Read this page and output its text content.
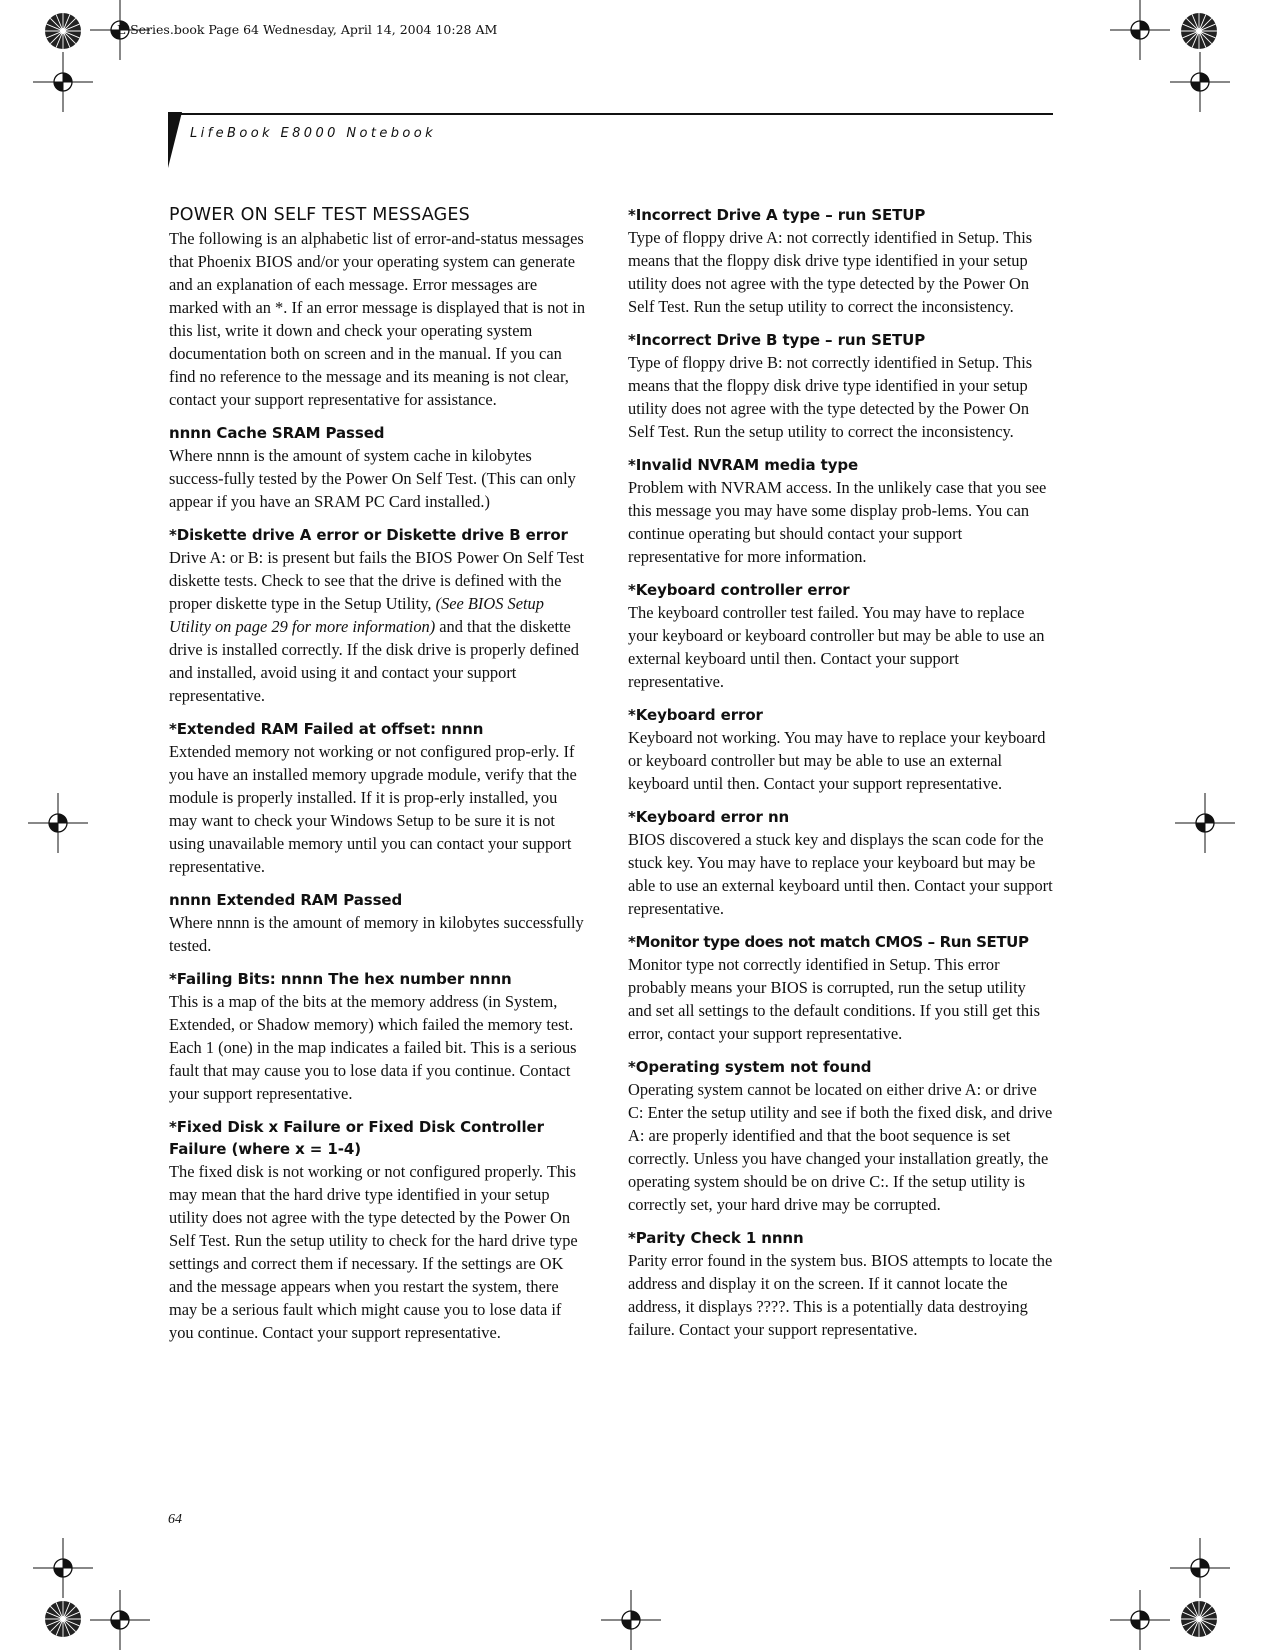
E Series.book Page 64 Wednesday, April 14, 2004 10:28 AM
LifeBook E8000 Notebook
POWER ON SELF TEST MESSAGES

The following is an alphabetic list of error-and-status messages that Phoenix BIOS and/or your operating system can generate and an explanation of each message. Error messages are marked with an *. If an error message is displayed that is not in this list, write it down and check your operating system documentation both on screen and in the manual. If you can find no reference to the message and its meaning is not clear, contact your support representative for assistance.

nnnn Cache SRAM Passed

Where nnnn is the amount of system cache in kilobytes success-fully tested by the Power On Self Test. (This can only appear if you have an SRAM PC Card installed.)

*Diskette drive A error or Diskette drive B error

Drive A: or B: is present but fails the BIOS Power On Self Test diskette tests. Check to see that the drive is defined with the proper diskette type in the Setup Utility, (See BIOS Setup Utility on page 29 for more information) and that the diskette drive is installed correctly. If the disk drive is properly defined and installed, avoid using it and contact your support representative.

*Extended RAM Failed at offset: nnnn

Extended memory not working or not configured prop-erly. If you have an installed memory upgrade module, verify that the module is properly installed. If it is prop-erly installed, you may want to check your Windows Setup to be sure it is not using unavailable memory until you can contact your support representative.

nnnn Extended RAM Passed

Where nnnn is the amount of memory in kilobytes successfully tested.

*Failing Bits: nnnn The hex number nnnn

This is a map of the bits at the memory address (in System, Extended, or Shadow memory) which failed the memory test. Each 1 (one) in the map indicates a failed bit. This is a serious fault that may cause you to lose data if you continue. Contact your support representative.

*Fixed Disk x Failure or Fixed Disk Controller Failure (where x = 1-4)

The fixed disk is not working or not configured properly. This may mean that the hard drive type identified in your setup utility does not agree with the type detected by the Power On Self Test. Run the setup utility to check for the hard drive type settings and correct them if necessary. If the settings are OK and the message appears when you restart the system, there may be a serious fault which might cause you to lose data if you continue. Contact your support representative.

*Incorrect Drive A type – run SETUP

Type of floppy drive A: not correctly identified in Setup. This means that the floppy disk drive type identified in your setup utility does not agree with the type detected by the Power On Self Test. Run the setup utility to correct the inconsistency.

*Incorrect Drive B type – run SETUP

Type of floppy drive B: not correctly identified in Setup. This means that the floppy disk drive type identified in your setup utility does not agree with the type detected by the Power On Self Test. Run the setup utility to correct the inconsistency.

*Invalid NVRAM media type

Problem with NVRAM access. In the unlikely case that you see this message you may have some display prob-lems. You can continue operating but should contact your support representative for more information.

*Keyboard controller error

The keyboard controller test failed. You may have to replace your keyboard or keyboard controller but may be able to use an external keyboard until then. Contact your support representative.

*Keyboard error

Keyboard not working. You may have to replace your keyboard or keyboard controller but may be able to use an external keyboard until then. Contact your support representative.

*Keyboard error nn

BIOS discovered a stuck key and displays the scan code for the stuck key. You may have to replace your keyboard but may be able to use an external keyboard until then. Contact your support representative.

*Monitor type does not match CMOS – Run SETUP

Monitor type not correctly identified in Setup. This error probably means your BIOS is corrupted, run the setup utility and set all settings to the default conditions. If you still get this error, contact your support representative.

*Operating system not found

Operating system cannot be located on either drive A: or drive C: Enter the setup utility and see if both the fixed disk, and drive A: are properly identified and that the boot sequence is set correctly. Unless you have changed your installation greatly, the operating system should be on drive C:. If the setup utility is correctly set, your hard drive may be corrupted.

*Parity Check 1 nnnn

Parity error found in the system bus. BIOS attempts to locate the address and display it on the screen. If it cannot locate the address, it displays ????. This is a potentially data destroying failure. Contact your support representative.

64
